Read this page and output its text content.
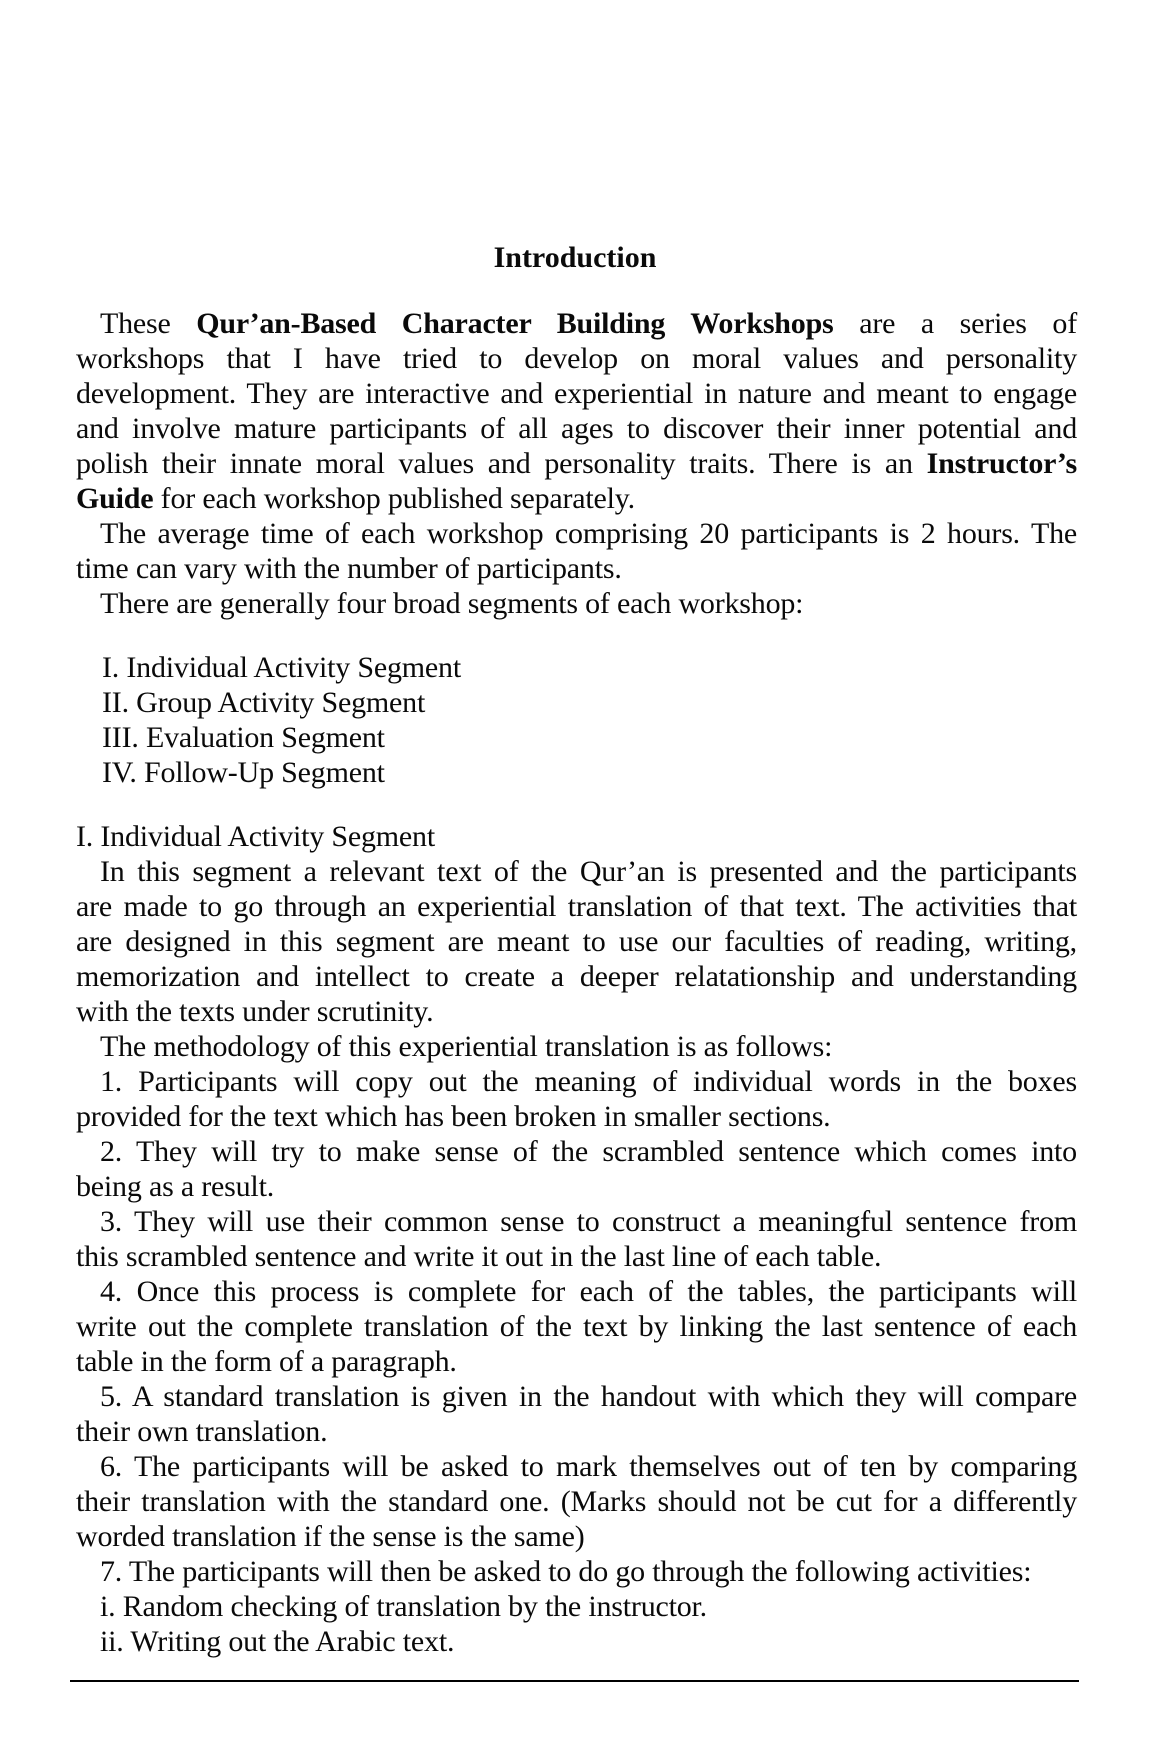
Introduction
These Qur’an-Based Character Building Workshops are a series of
workshops that I have tried to develop on moral values and personality
development. They are interactive and experiential in nature and meant to engage
and involve mature participants of all ages to discover their inner potential and
polish their innate moral values and personality traits. There is an Instructor’s
Guide for each workshop published separately.
The average time of each workshop comprising 20 participants is 2 hours. The
time can vary with the number of participants.
There are generally four broad segments of each workshop:
I. Individual Activity Segment
II. Group Activity Segment
III. Evaluation Segment
IV. Follow-Up Segment
I. Individual Activity Segment
In this segment a relevant text of the Qur’an is presented and the participants
are made to go through an experiential translation of that text. The activities that
are designed in this segment are meant to use our faculties of reading, writing,
memorization and intellect to create a deeper relatationship and understanding
with the texts under scrutinity.
The methodology of this experiential translation is as follows:
1. Participants will copy out the meaning of individual words in the boxes
provided for the text which has been broken in smaller sections.
2. They will try to make sense of the scrambled sentence which comes into
being as a result.
3. They will use their common sense to construct a meaningful sentence from
this scrambled sentence and write it out in the last line of each table.
4. Once this process is complete for each of the tables, the participants will
write out the complete translation of the text by linking the last sentence of each
table in the form of a paragraph.
5. A standard translation is given in the handout with which they will compare
their own translation.
6. The participants will be asked to mark themselves out of ten by comparing
their translation with the standard one. (Marks should not be cut for a differently
worded translation if the sense is the same)
7. The participants will then be asked to do go through the following activities:
i. Random checking of translation by the instructor.
ii. Writing out the Arabic text.
